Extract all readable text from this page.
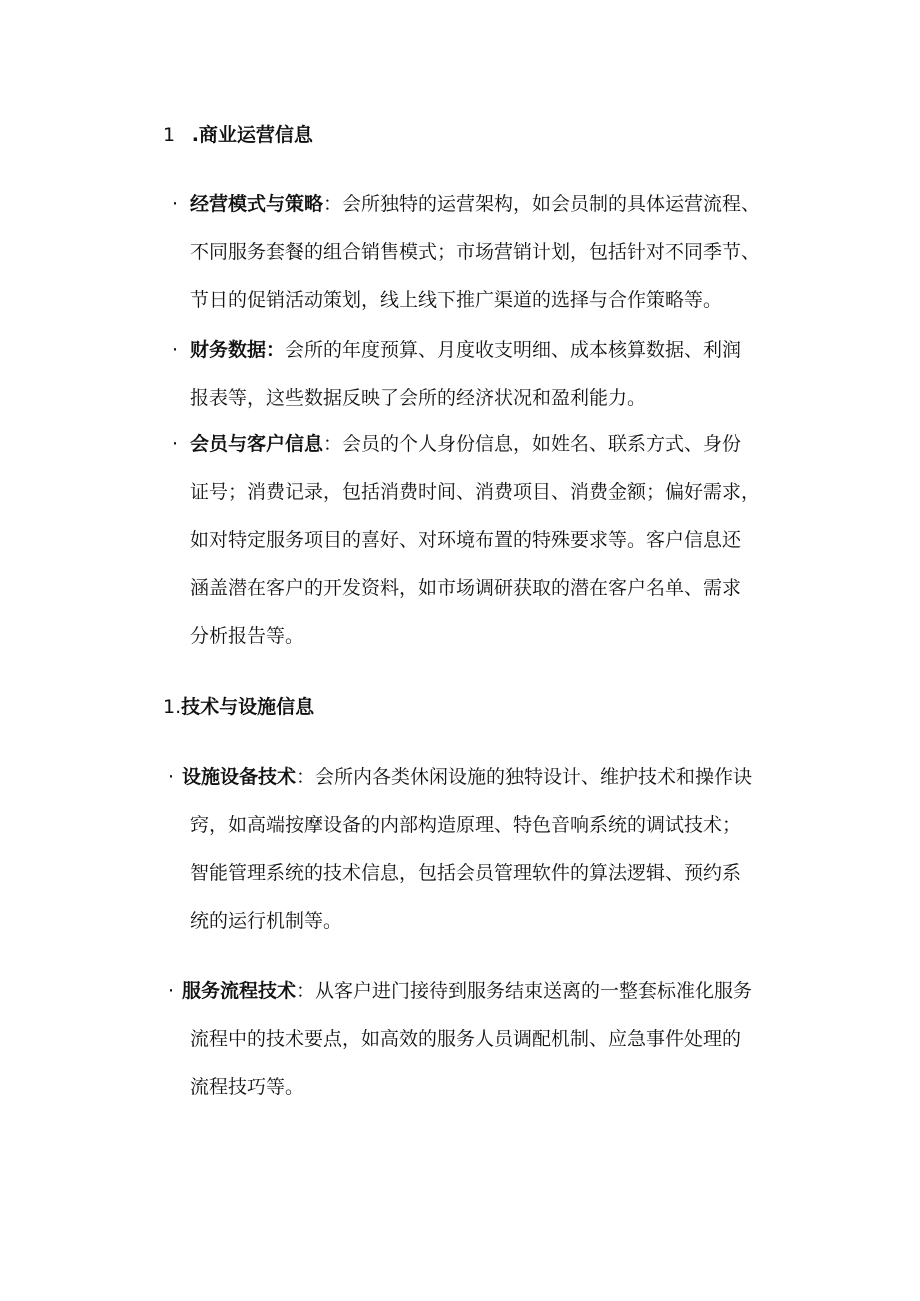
1 .商业运营信息
· 经营模式与策略：会所独特的运营架构，如会员制的具体运营流程、
不同服务套餐的组合销售模式；市场营销计划，包括针对不同季节、
节日的促销活动策划，线上线下推广渠道的选择与合作策略等。
· 财务数据：会所的年度预算、月度收支明细、成本核算数据、利润
报表等，这些数据反映了会所的经济状况和盈利能力。
· 会员与客户信息：会员的个人身份信息，如姓名、联系方式、身份
证号；消费记录，包括消费时间、消费项目、消费金额；偏好需求，
如对特定服务项目的喜好、对环境布置的特殊要求等。客户信息还
涵盖潜在客户的开发资料，如市场调研获取的潜在客户名单、需求
分析报告等。
1.技术与设施信息
· 设施设备技术：会所内各类休闲设施的独特设计、维护技术和操作诀
窍，如高端按摩设备的内部构造原理、特色音响系统的调试技术；
智能管理系统的技术信息，包括会员管理软件的算法逻辑、预约系
统的运行机制等。
· 服务流程技术：从客户进门接待到服务结束送离的一整套标准化服务
流程中的技术要点，如高效的服务人员调配机制、应急事件处理的
流程技巧等。
